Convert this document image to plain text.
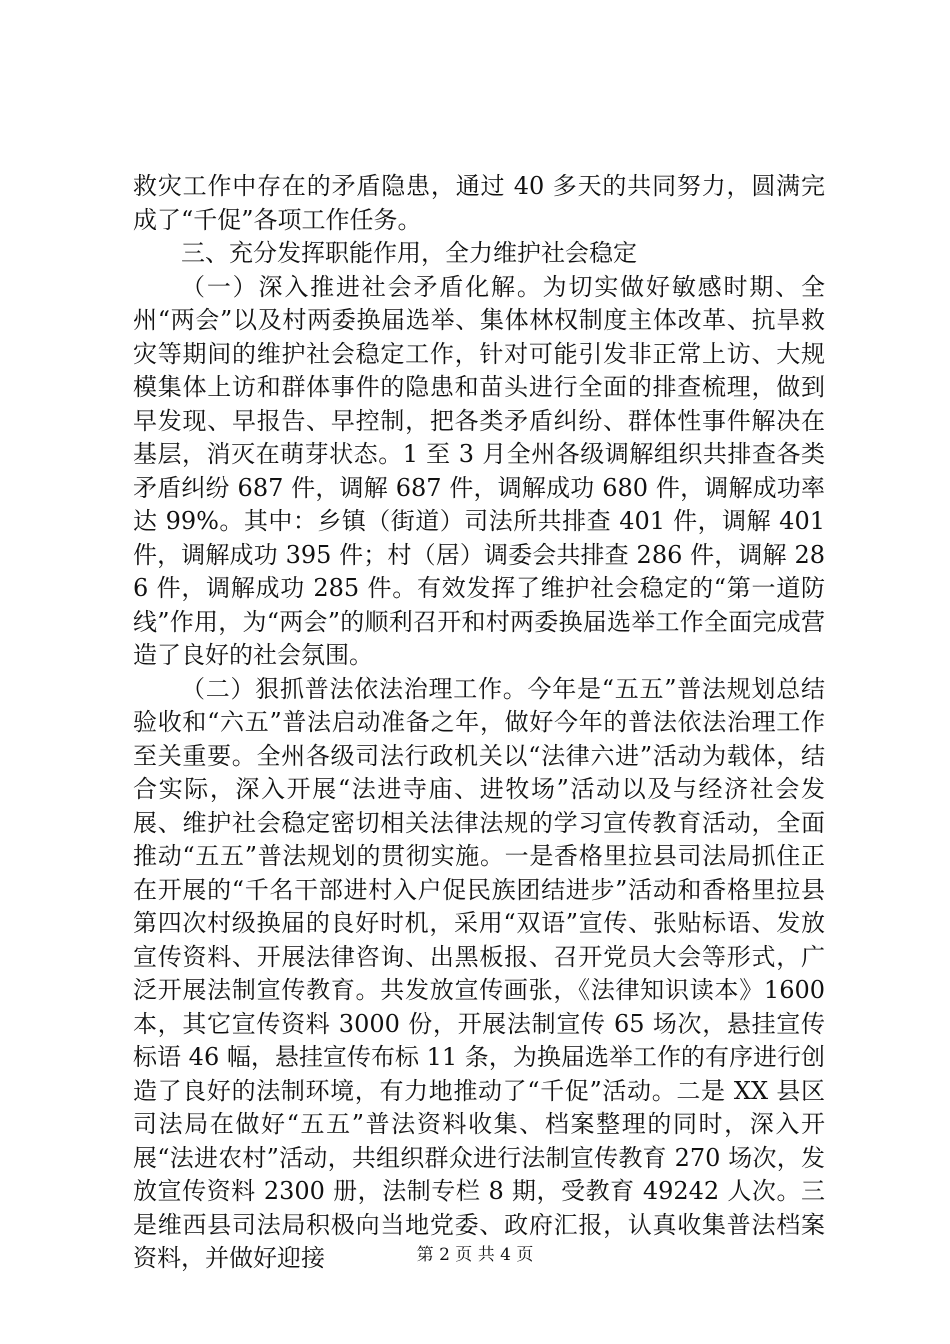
救灾工作中存在的矛盾隐患，通过 40 多天的共同努力，圆满完成了“千促”各项工作任务。

三、充分发挥职能作用，全力维护社会稳定

（一）深入推进社会矛盾化解。为切实做好敏感时期、全州“两会”以及村两委换届选举、集体林权制度主体改革、抗旱救灾等期间的维护社会稳定工作，针对可能引发非正常上访、大规模集体上访和群体事件的隐患和苗头进行全面的排查梳理，做到早发现、早报告、早控制，把各类矛盾纠纷、群体性事件解决在基层，消灭在萌芽状态。1 至 3 月全州各级调解组织共排查各类矛盾纠纷 687 件，调解 687 件，调解成功 680 件，调解成功率达 99%。其中：乡镇（街道）司法所共排查 401 件，调解 401 件，调解成功 395 件；村（居）调委会共排查 286 件，调解 286 件，调解成功 285 件。有效发挥了维护社会稳定的“第一道防线”作用，为“两会”的顺利召开和村两委换届选举工作全面完成营造了良好的社会氛围。

（二）狠抓普法依法治理工作。今年是“五五”普法规划总结验收和“六五”普法启动准备之年，做好今年的普法依法治理工作至关重要。全州各级司法行政机关以“法律六进”活动为载体，结合实际，深入开展“法进寺庙、进牧场”活动以及与经济社会发展、维护社会稳定密切相关法律法规的学习宣传教育活动，全面推动“五五”普法规划的贯彻实施。一是香格里拉县司法局抓住正在开展的“千名干部进村入户促民族团结进步”活动和香格里拉县第四次村级换届的良好时机，采用“双语”宣传、张贴标语、发放宣传资料、开展法律咨询、出黑板报、召开党员大会等形式，广泛开展法制宣传教育。共发放宣传画张，《法律知识读本》1600 本，其它宣传资料 3000 份，开展法制宣传 65 场次，悬挂宣传标语 46 幅，悬挂宣传布标 11 条，为换届选举工作的有序进行创造了良好的法制环境，有力地推动了“千促”活动。二是 XX 县区司法局在做好“五五”普法资料收集、档案整理的同时，深入开展“法进农村”活动，共组织群众进行法制宣传教育 270 场次，发放宣传资料 2300 册，法制专栏 8 期，受教育 49242 人次。三是维西县司法局积极向当地党委、政府汇报，认真收集普法档案资料，并做好迎接	第 2 页 共 4 页
